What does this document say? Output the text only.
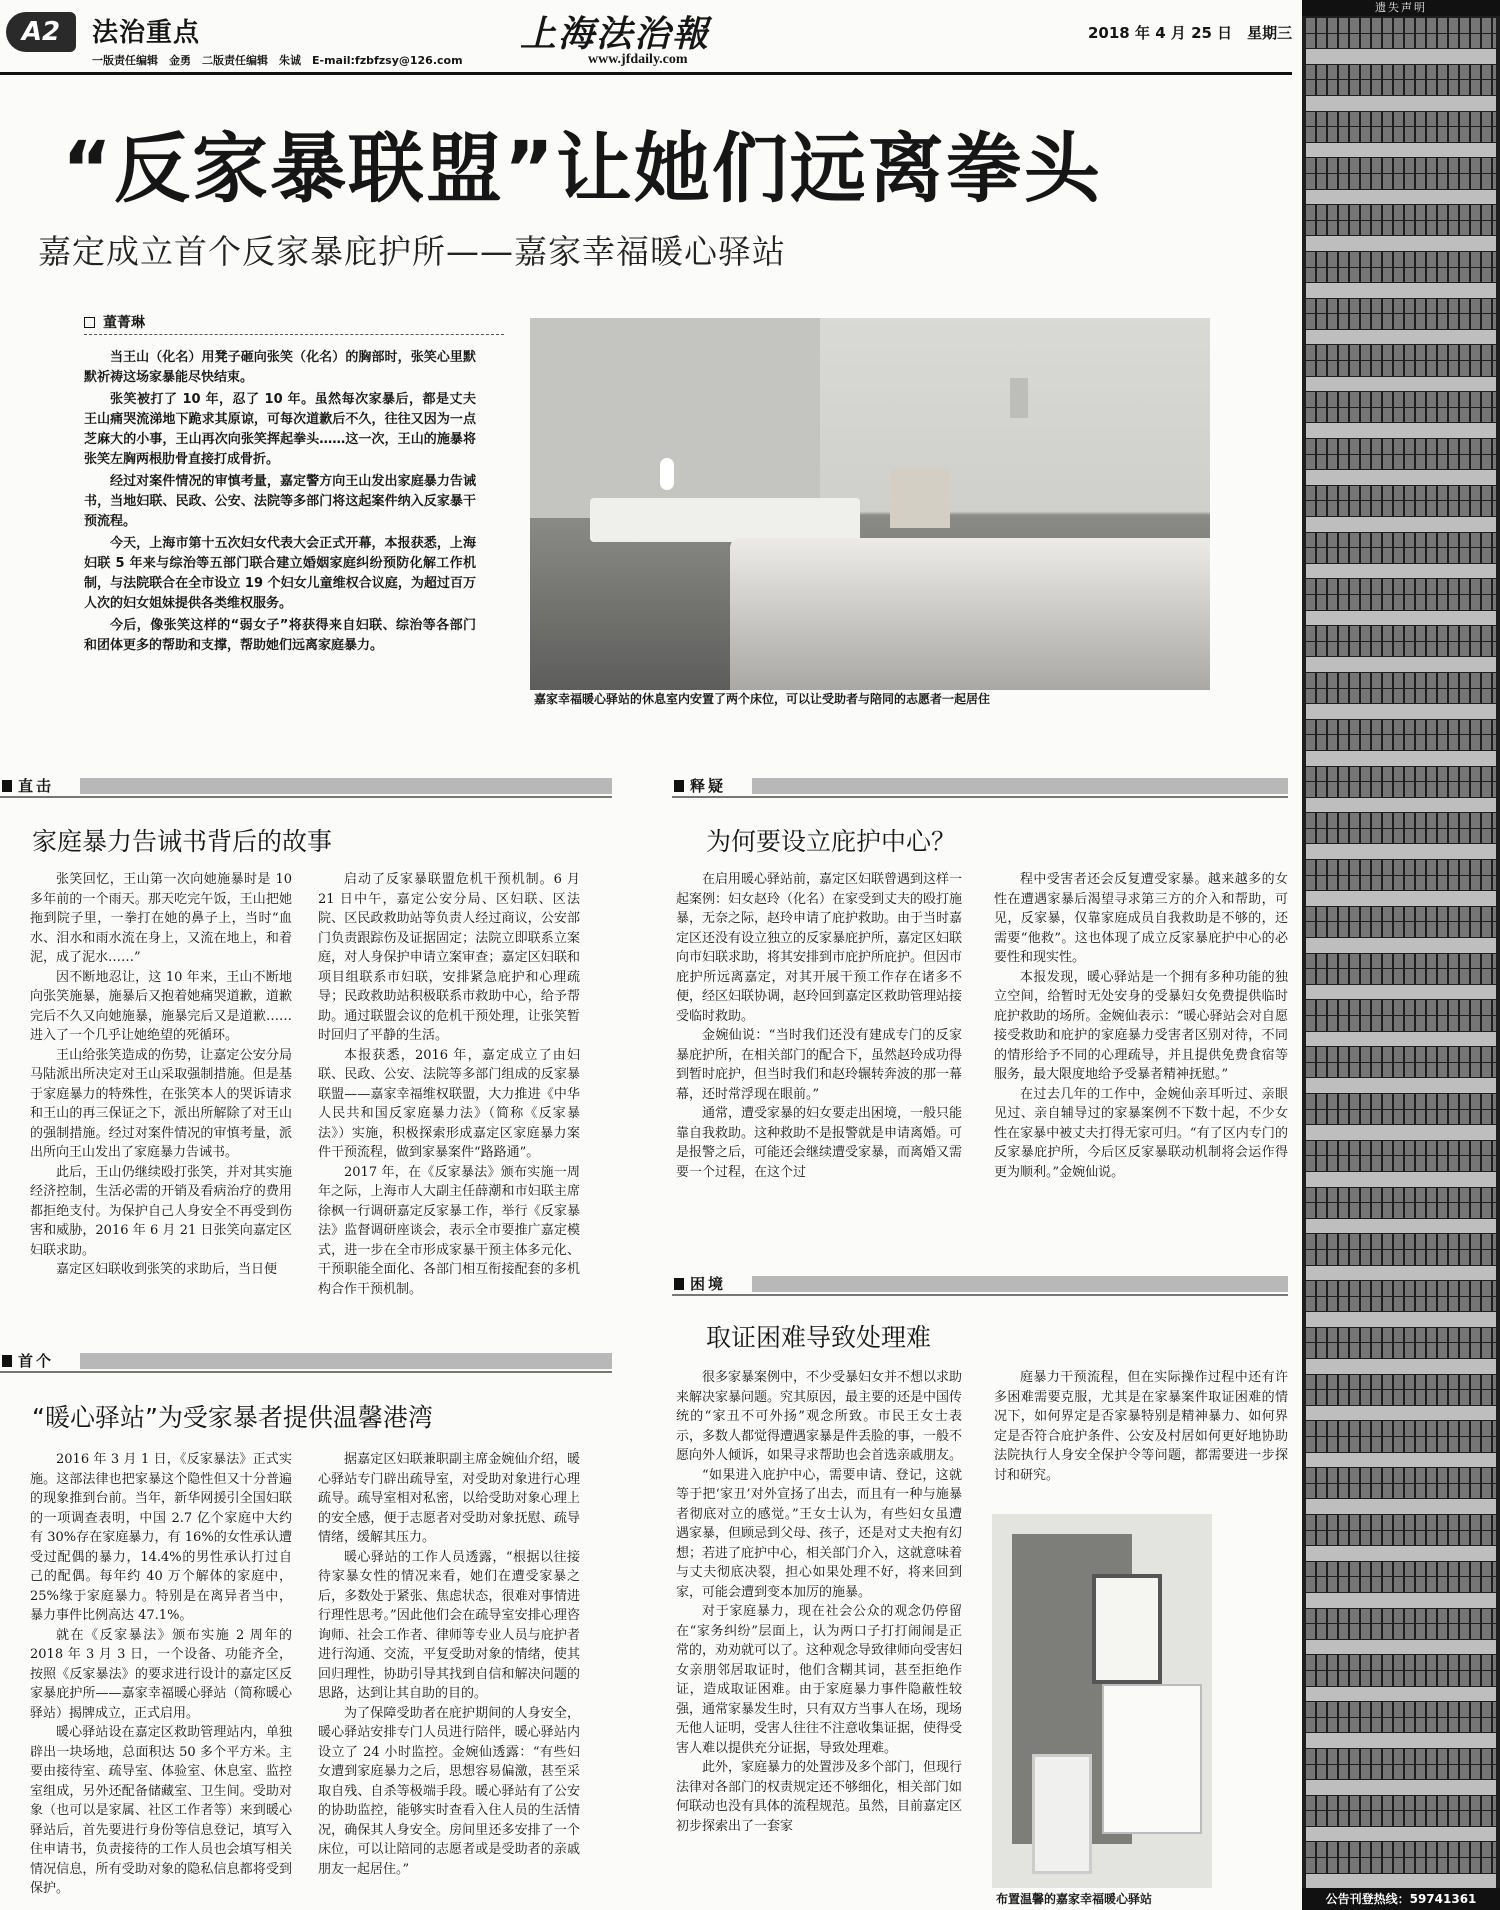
A2	法治重点
一版责任编辑　金勇　二版责任编辑　朱诚　E-mail:fzbfzsy@126.com
上海法治報
www.jfdaily.com
2018 年 4 月 25 日　星期三
“反家暴联盟”让她们远离拳头
嘉定成立首个反家暴庇护所——嘉家幸福暖心驿站
董菁琳

当王山（化名）用凳子砸向张笑（化名）的胸部时，张笑心里默默祈祷这场家暴能尽快结束。

张笑被打了 10 年，忍了 10 年。虽然每次家暴后，都是丈夫王山痛哭流涕地下跪求其原谅，可每次道歉后不久，往往又因为一点芝麻大的小事，王山再次向张笑挥起拳头……这一次，王山的施暴将张笑左胸两根肋骨直接打成骨折。

经过对案件情况的审慎考量，嘉定警方向王山发出家庭暴力告诫书，当地妇联、民政、公安、法院等多部门将这起案件纳入反家暴干预流程。

今天，上海市第十五次妇女代表大会正式开幕，本报获悉，上海妇联 5 年来与综治等五部门联合建立婚姻家庭纠纷预防化解工作机制，与法院联合在全市设立 19 个妇女儿童维权合议庭，为超过百万人次的妇女姐妹提供各类维权服务。

今后，像张笑这样的“弱女子”将获得来自妇联、综治等各部门和团体更多的帮助和支撑，帮助她们远离家庭暴力。

嘉家幸福暖心驿站的休息室内安置了两个床位，可以让受助者与陪同的志愿者一起居住
直击
家庭暴力告诫书背后的故事

张笑回忆，王山第一次向她施暴时是 10 多年前的一个雨天。那天吃完午饭，王山把她拖到院子里，一拳打在她的鼻子上，当时“血水、泪水和雨水流在身上，又流在地上，和着泥，成了泥水……”

因不断地忍让，这 10 年来，王山不断地向张笑施暴，施暴后又抱着她痛哭道歉，道歉完后不久又向她施暴，施暴完后又是道歉……进入了一个几乎让她绝望的死循环。

王山给张笑造成的伤势，让嘉定公安分局马陆派出所决定对王山采取强制措施。但是基于家庭暴力的特殊性，在张笑本人的哭诉请求和王山的再三保证之下，派出所解除了对王山的强制措施。经过对案件情况的审慎考量，派出所向王山发出了家庭暴力告诫书。

此后，王山仍继续殴打张笑，并对其实施经济控制，生活必需的开销及看病治疗的费用都拒绝支付。为保护自己人身安全不再受到伤害和威胁，2016 年 6 月 21 日张笑向嘉定区妇联求助。

嘉定区妇联收到张笑的求助后，当日便

启动了反家暴联盟危机干预机制。6 月 21 日中午，嘉定公安分局、区妇联、区法院、区民政救助站等负责人经过商议，公安部门负责跟踪伤及证据固定；法院立即联系立案庭，对人身保护申请立案审查；嘉定区妇联和项目组联系市妇联，安排紧急庇护和心理疏导；民政救助站积极联系市救助中心，给予帮助。通过联盟会议的危机干预处理，让张笑暂时回归了平静的生活。

本报获悉，2016 年，嘉定成立了由妇联、民政、公安、法院等多部门组成的反家暴联盟——嘉家幸福维权联盟，大力推进《中华人民共和国反家庭暴力法》（简称《反家暴法》）实施，积极探索形成嘉定区家庭暴力案件干预流程，做到家暴案件“路路通”。

2017 年，在《反家暴法》颁布实施一周年之际，上海市人大副主任薛潮和市妇联主席徐枫一行调研嘉定反家暴工作，举行《反家暴法》监督调研座谈会，表示全市要推广嘉定模式，进一步在全市形成家暴干预主体多元化、干预职能全面化、各部门相互衔接配套的多机构合作干预机制。

首个
“暖心驿站”为受家暴者提供温馨港湾

2016 年 3 月 1 日，《反家暴法》正式实施。这部法律也把家暴这个隐性但又十分普遍的现象推到台前。当年，新华网援引全国妇联的一项调查表明，中国 2.7 亿个家庭中大约有 30%存在家庭暴力，有 16%的女性承认遭受过配偶的暴力，14.4%的男性承认打过自己的配偶。每年约 40 万个解体的家庭中，25%缘于家庭暴力。特别是在离异者当中，暴力事件比例高达 47.1%。

就在《反家暴法》颁布实施 2 周年的 2018 年 3 月 3 日，一个设备、功能齐全，按照《反家暴法》的要求进行设计的嘉定区反家暴庇护所——嘉家幸福暖心驿站（简称暖心驿站）揭牌成立，正式启用。

暖心驿站设在嘉定区救助管理站内，单独辟出一块场地，总面积达 50 多个平方米。主要由接待室、疏导室、体验室、休息室、监控室组成，另外还配备储藏室、卫生间。受助对象（也可以是家属、社区工作者等）来到暖心驿站后，首先要进行身份等信息登记，填写入住申请书，负责接待的工作人员也会填写相关情况信息，所有受助对象的隐私信息都将受到保护。

据嘉定区妇联兼职副主席金婉仙介绍，暖心驿站专门辟出疏导室，对受助对象进行心理疏导。疏导室相对私密，以给受助对象心理上的安全感，便于志愿者对受助对象抚慰、疏导情绪，缓解其压力。

暖心驿站的工作人员透露，“根据以往接待家暴女性的情况来看，她们在遭受家暴之后，多数处于紧张、焦虑状态，很难对事情进行理性思考。”因此他们会在疏导室安排心理咨询师、社会工作者、律师等专业人员与庇护者进行沟通、交流，平复受助对象的情绪，使其回归理性，协助引导其找到自信和解决问题的思路，达到让其自助的目的。

为了保障受助者在庇护期间的人身安全，暖心驿站安排专门人员进行陪伴，暖心驿站内设立了 24 小时监控。金婉仙透露：“有些妇女遭到家庭暴力之后，思想容易偏激，甚至采取自残、自杀等极端手段。暖心驿站有了公安的协助监控，能够实时查看入住人员的生活情况，确保其人身安全。房间里还多安排了一个床位，可以让陪同的志愿者或是受助者的亲戚朋友一起居住。”

释疑
为何要设立庇护中心？

在启用暖心驿站前，嘉定区妇联曾遇到这样一起案例：妇女赵玲（化名）在家受到丈夫的殴打施暴，无奈之际，赵玲申请了庇护救助。由于当时嘉定区还没有设立独立的反家暴庇护所，嘉定区妇联向市妇联求助，将其安排到市庇护所庇护。但因市庇护所远离嘉定，对其开展干预工作存在诸多不便，经区妇联协调，赵玲回到嘉定区救助管理站接受临时救助。

金婉仙说：“当时我们还没有建成专门的反家暴庇护所，在相关部门的配合下，虽然赵玲成功得到暂时庇护，但当时我们和赵玲辗转奔波的那一幕幕，还时常浮现在眼前。”

通常，遭受家暴的妇女要走出困境，一般只能靠自我救助。这种救助不是报警就是申请离婚。可是报警之后，可能还会继续遭受家暴，而离婚又需要一个过程，在这个过

程中受害者还会反复遭受家暴。越来越多的女性在遭遇家暴后渴望寻求第三方的介入和帮助，可见，反家暴，仅靠家庭成员自我救助是不够的，还需要“他救”。这也体现了成立反家暴庇护中心的必要性和现实性。

本报发现，暖心驿站是一个拥有多种功能的独立空间，给暂时无处安身的受暴妇女免费提供临时庇护救助的场所。金婉仙表示：“暖心驿站会对自愿接受救助和庇护的家庭暴力受害者区别对待，不同的情形给予不同的心理疏导，并且提供免费食宿等服务，最大限度地给予受暴者精神抚慰。”

在过去几年的工作中，金婉仙亲耳听过、亲眼见过、亲自辅导过的家暴案例不下数十起，不少女性在家暴中被丈夫打得无家可归。“有了区内专门的反家暴庇护所，今后区反家暴联动机制将会运作得更为顺利。”金婉仙说。

困境
取证困难导致处理难

很多家暴案例中，不少受暴妇女并不想以求助来解决家暴问题。究其原因，最主要的还是中国传统的“家丑不可外扬”观念所致。市民王女士表示，多数人都觉得遭遇家暴是件丢脸的事，一般不愿向外人倾诉，如果寻求帮助也会首选亲戚朋友。

“如果进入庇护中心，需要申请、登记，这就等于把‘家丑’对外宣扬了出去，而且有一种与施暴者彻底对立的感觉。”王女士认为，有些妇女虽遭遇家暴，但顾忌到父母、孩子，还是对丈夫抱有幻想；若进了庇护中心，相关部门介入，这就意味着与丈夫彻底决裂，担心如果处理不好，将来回到家，可能会遭到变本加厉的施暴。

对于家庭暴力，现在社会公众的观念仍停留在“家务纠纷”层面上，认为两口子打打闹闹是正常的，劝劝就可以了。这种观念导致律师向受害妇女亲朋邻居取证时，他们含糊其词，甚至拒绝作证，造成取证困难。由于家庭暴力事件隐蔽性较强，通常家暴发生时，只有双方当事人在场，现场无他人证明，受害人往往不注意收集证据，使得受害人难以提供充分证据，导致处理难。

此外，家庭暴力的处置涉及多个部门，但现行法律对各部门的权责规定还不够细化，相关部门如何联动也没有具体的流程规范。虽然，目前嘉定区初步探索出了一套家

庭暴力干预流程，但在实际操作过程中还有许多困难需要克服，尤其是在家暴案件取证困难的情况下，如何界定是否家暴特别是精神暴力、如何界定是否符合庇护条件、公安及村居如何更好地协助法院执行人身安全保护令等问题，都需要进一步探讨和研究。

布置温馨的嘉家幸福暖心驿站
遗失声明
公告刊登热线：59741361
